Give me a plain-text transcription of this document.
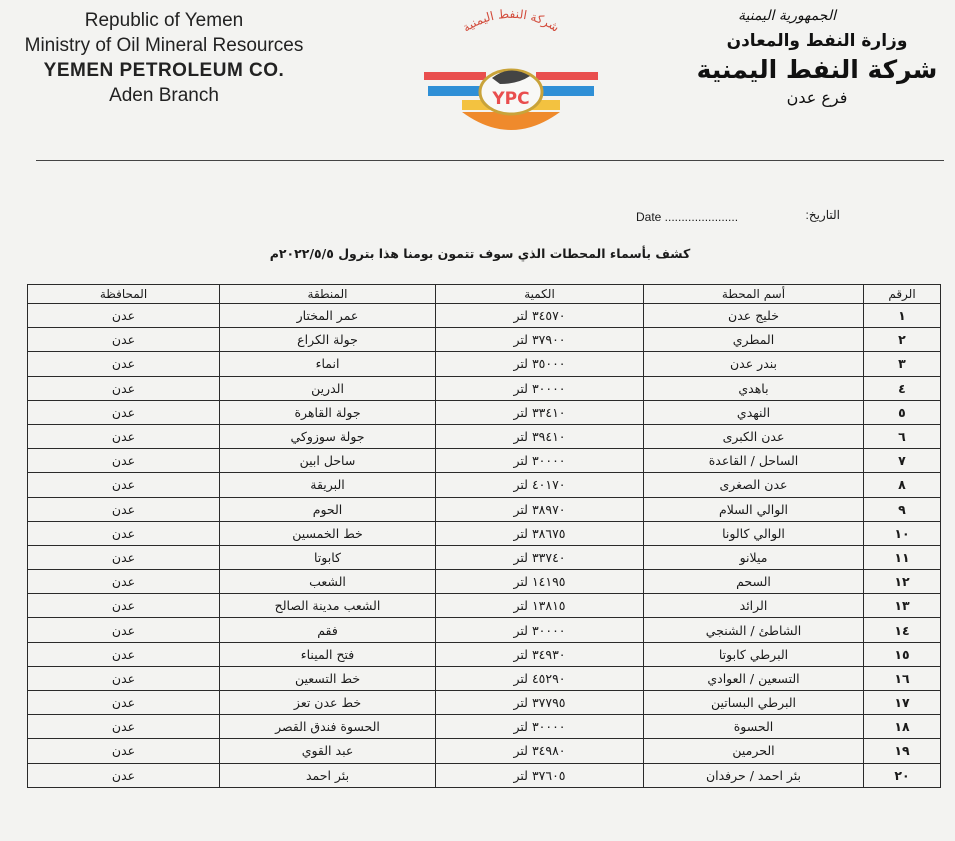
Republic of Yemen
Ministry of Oil Mineral Resources
YEMEN PETROLEUM CO.
Aden Branch
شركة النفط اليمنية
YPC
الجمهورية اليمنية
وزارة النفط والمعادن
شركة النفط اليمنية
فرع عدن
Date ......................	التاريخ:
كشف بأسماء المحطات الذي سوف تتمون بومنا هذا بترول ٢٠٢٢/٥/٥م
الرقم	أسم المحطة	الكمية	المنطقة	المحافظة
١	خليج عدن	٣٤٥٧٠ لتر	عمر المختار	عدن
٢	المطري	٣٧٩٠٠ لتر	جولة الكراع	عدن
٣	بندر عدن	٣٥٠٠٠ لتر	انماء	عدن
٤	باهدي	٣٠٠٠٠ لتر	الدرين	عدن
٥	النهدي	٣٣٤١٠ لتر	جولة القاهرة	عدن
٦	عدن الكبرى	٣٩٤١٠ لتر	جولة سوزوكي	عدن
٧	الساحل / القاعدة	٣٠٠٠٠ لتر	ساحل ابين	عدن
٨	عدن الصغرى	٤٠١٧٠ لتر	البريقة	عدن
٩	الوالي السلام	٣٨٩٧٠ لتر	الحوم	عدن
١٠	الوالي كالونا	٣٨٦٧٥ لتر	خط الخمسين	عدن
١١	ميلانو	٣٣٧٤٠ لتر	كابوتا	عدن
١٢	السحم	١٤١٩٥ لتر	الشعب	عدن
١٣	الرائد	١٣٨١٥ لتر	الشعب مدينة الصالح	عدن
١٤	الشاطئ / الشنجي	٣٠٠٠٠ لتر	فقم	عدن
١٥	البرطي كابوتا	٣٤٩٣٠ لتر	فتح الميناء	عدن
١٦	التسعين / العوادي	٤٥٢٩٠ لتر	خط التسعين	عدن
١٧	البرطي البساتين	٣٧٧٩٥ لتر	خط عدن تعز	عدن
١٨	الحسوة	٣٠٠٠٠ لتر	الحسوة فندق القصر	عدن
١٩	الحرمين	٣٤٩٨٠ لتر	عبد القوي	عدن
٢٠	بئر احمد / حرفدان	٣٧٦٠٥ لتر	بئر احمد	عدن
